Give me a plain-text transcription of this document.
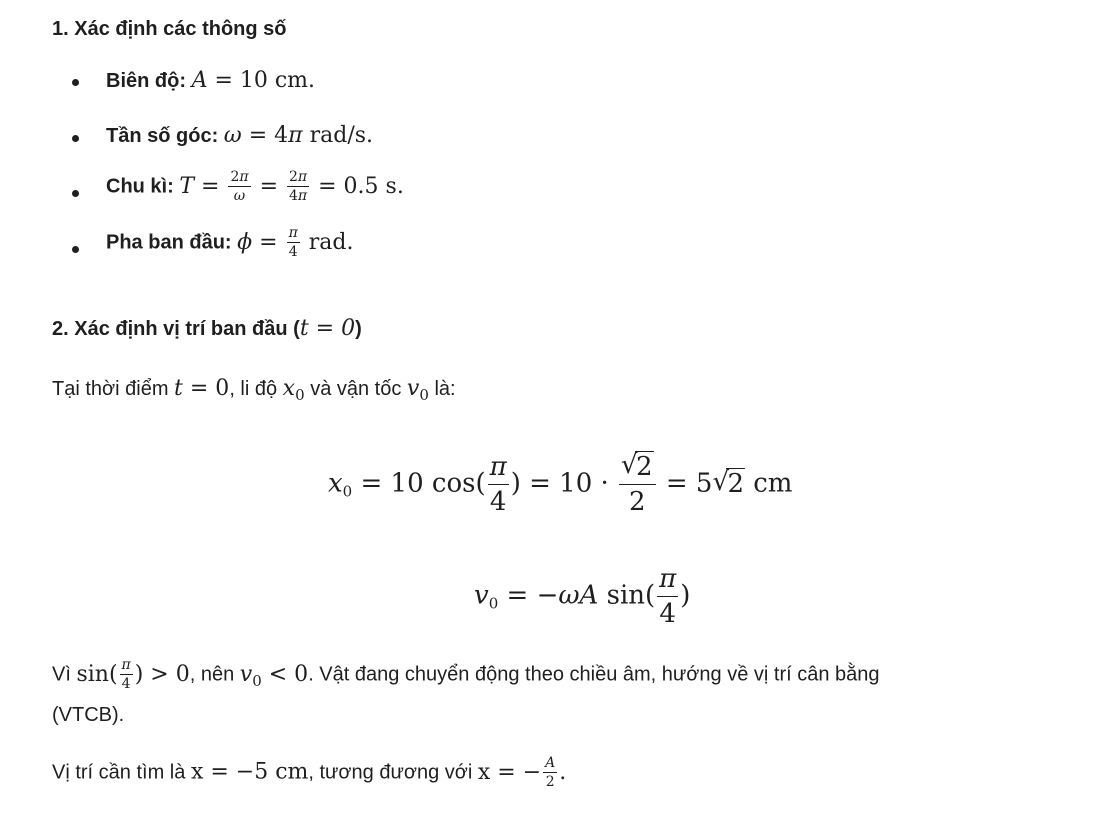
1. Xác định các thông số
Biên độ: A = 10 cm.
Tần số góc: ω = 4π rad/s.
Chu kì: $T = \frac{2\pi}{\omega} = \frac{2\pi}{4\pi} = 0.5$ s.
Pha ban đầu: $\phi = \frac{\pi}{4}$ rad.
2. Xác định vị trí ban đầu (t = 0)
Tại thời điểm t = 0, li độ $x_0$ và vận tốc $v_0$ là:
$x_0 = 10$ $\cos( \frac{\pi}{4}$ ) = 10 ·
√ $\frac{2}{2} = 5√$ 2 cm
$v_0 = -\omega A$ $\sin( \frac{\pi}{4}$ )
Vì $\sin( \frac{\pi}{4}$ ) > 0, nên $v_0 < 0$. Vật đang chuyển động theo chiều âm, hướng về vị trí cân bằng
(VTCB).
Vị trí cần tìm là x = −5 cm, tương đương với x = − $\frac{A}{2}$ .
